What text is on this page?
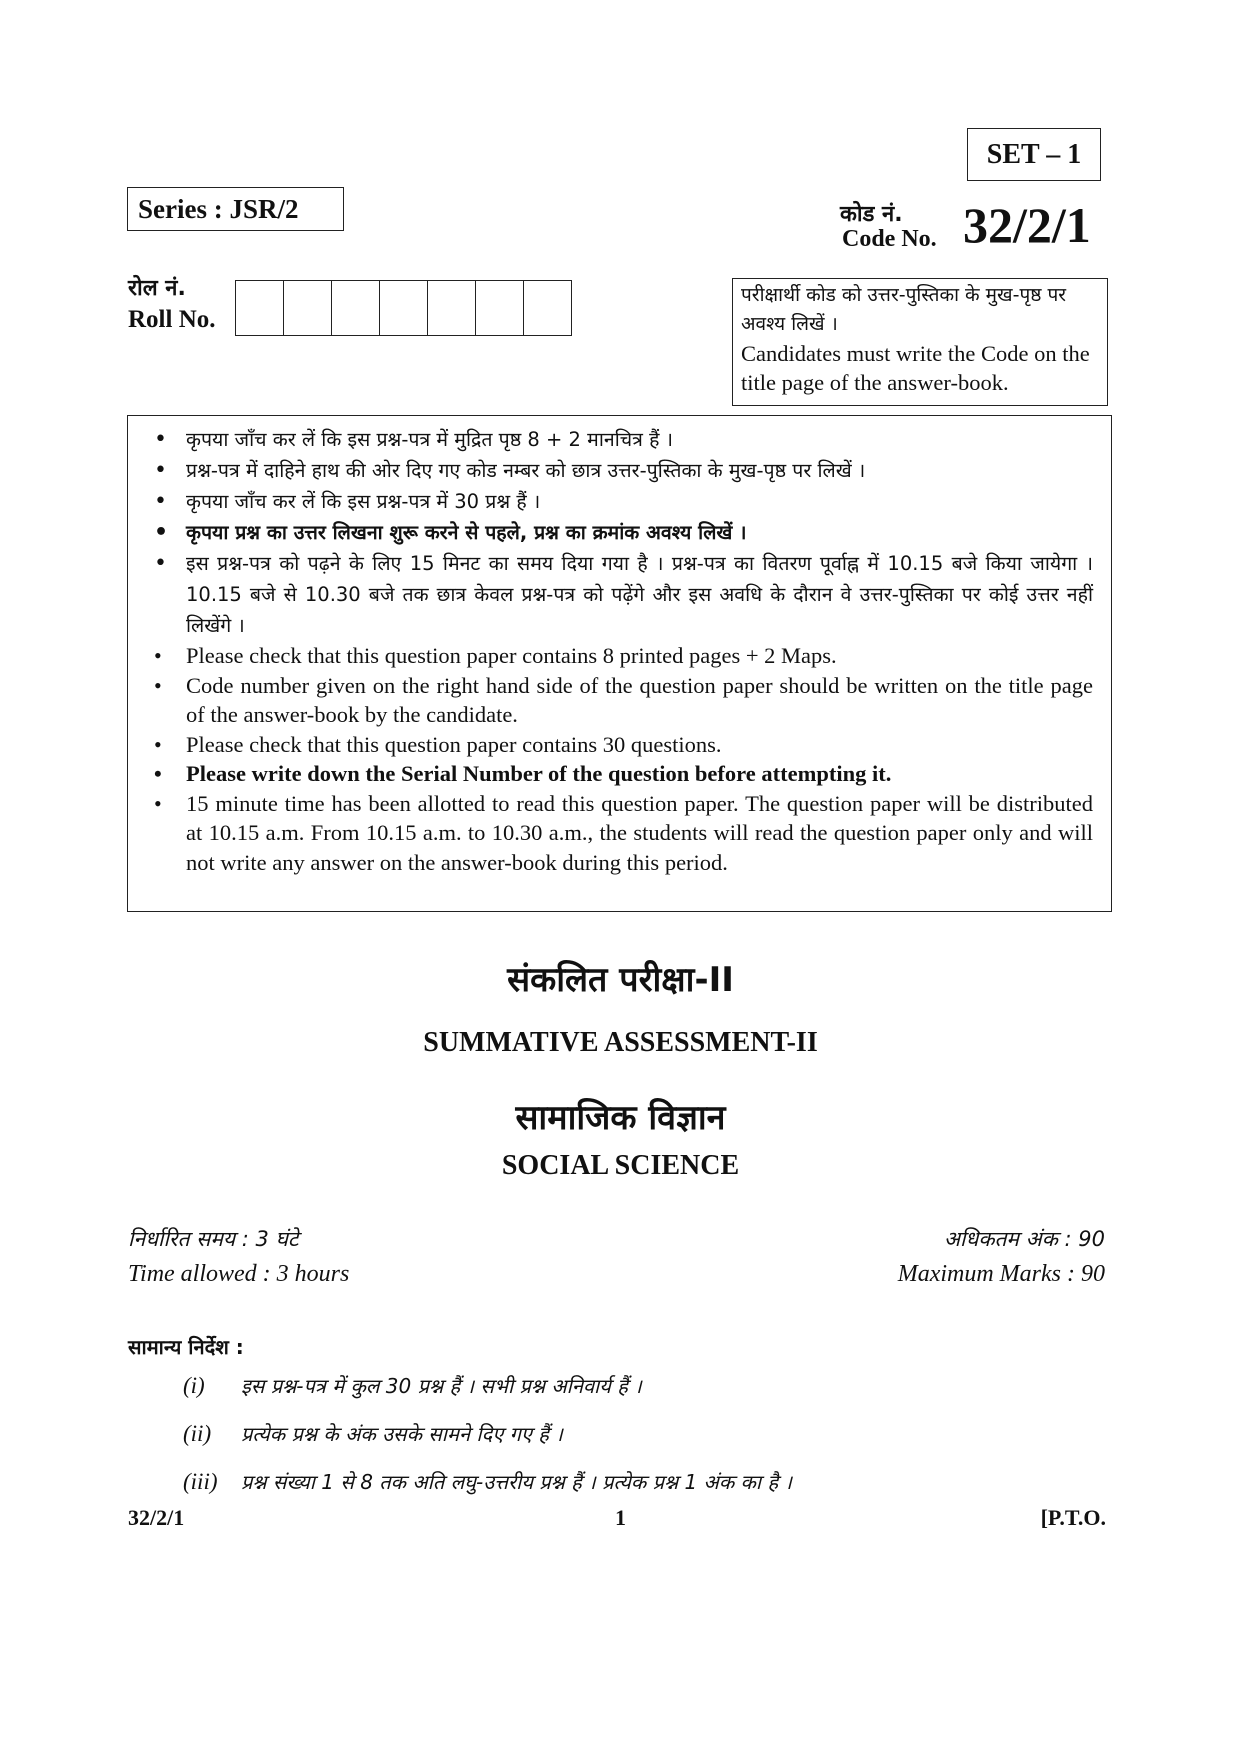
SET – 1
Series : JSR/2	कोड नं.
Code No. 32/2/1
रोल नं.
Roll No.
परीक्षार्थी कोड को उत्तर-पुस्तिका के मुख-पृष्ठ पर अवश्य लिखें ।
Candidates must write the Code on the title page of the answer-book.
• कृपया जाँच कर लें कि इस प्रश्न-पत्र में मुद्रित पृष्ठ 8 + 2 मानचित्र हैं ।
• प्रश्न-पत्र में दाहिने हाथ की ओर दिए गए कोड नम्बर को छात्र उत्तर-पुस्तिका के मुख-पृष्ठ पर लिखें ।
• कृपया जाँच कर लें कि इस प्रश्न-पत्र में 30 प्रश्न हैं ।
• कृपया प्रश्न का उत्तर लिखना शुरू करने से पहले, प्रश्न का क्रमांक अवश्य लिखें ।
• इस प्रश्न-पत्र को पढ़ने के लिए 15 मिनट का समय दिया गया है । प्रश्न-पत्र का वितरण पूर्वाह्न में 10.15 बजे किया जायेगा । 10.15 बजे से 10.30 बजे तक छात्र केवल प्रश्न-पत्र को पढ़ेंगे और इस अवधि के दौरान वे उत्तर-पुस्तिका पर कोई उत्तर नहीं लिखेंगे ।
• Please check that this question paper contains 8 printed pages + 2 Maps.
• Code number given on the right hand side of the question paper should be written on the title page of the answer-book by the candidate.
• Please check that this question paper contains 30 questions.
• Please write down the Serial Number of the question before attempting it.
• 15 minute time has been allotted to read this question paper. The question paper will be distributed at 10.15 a.m. From 10.15 a.m. to 10.30 a.m., the students will read the question paper only and will not write any answer on the answer-book during this period.
संकलित परीक्षा-II
SUMMATIVE ASSESSMENT-II
सामाजिक विज्ञान
SOCIAL SCIENCE
निर्धारित समय : 3 घंटे
Time allowed : 3 hours
अधिकतम अंक : 90
Maximum Marks : 90
सामान्य निर्देश :
(i) इस प्रश्न-पत्र में कुल 30 प्रश्न हैं । सभी प्रश्न अनिवार्य हैं ।
(ii) प्रत्येक प्रश्न के अंक उसके सामने दिए गए हैं ।
(iii) प्रश्न संख्या 1 से 8 तक अति लघु-उत्तरीय प्रश्न हैं । प्रत्येक प्रश्न 1 अंक का है ।
32/2/1	1	[P.T.O.
